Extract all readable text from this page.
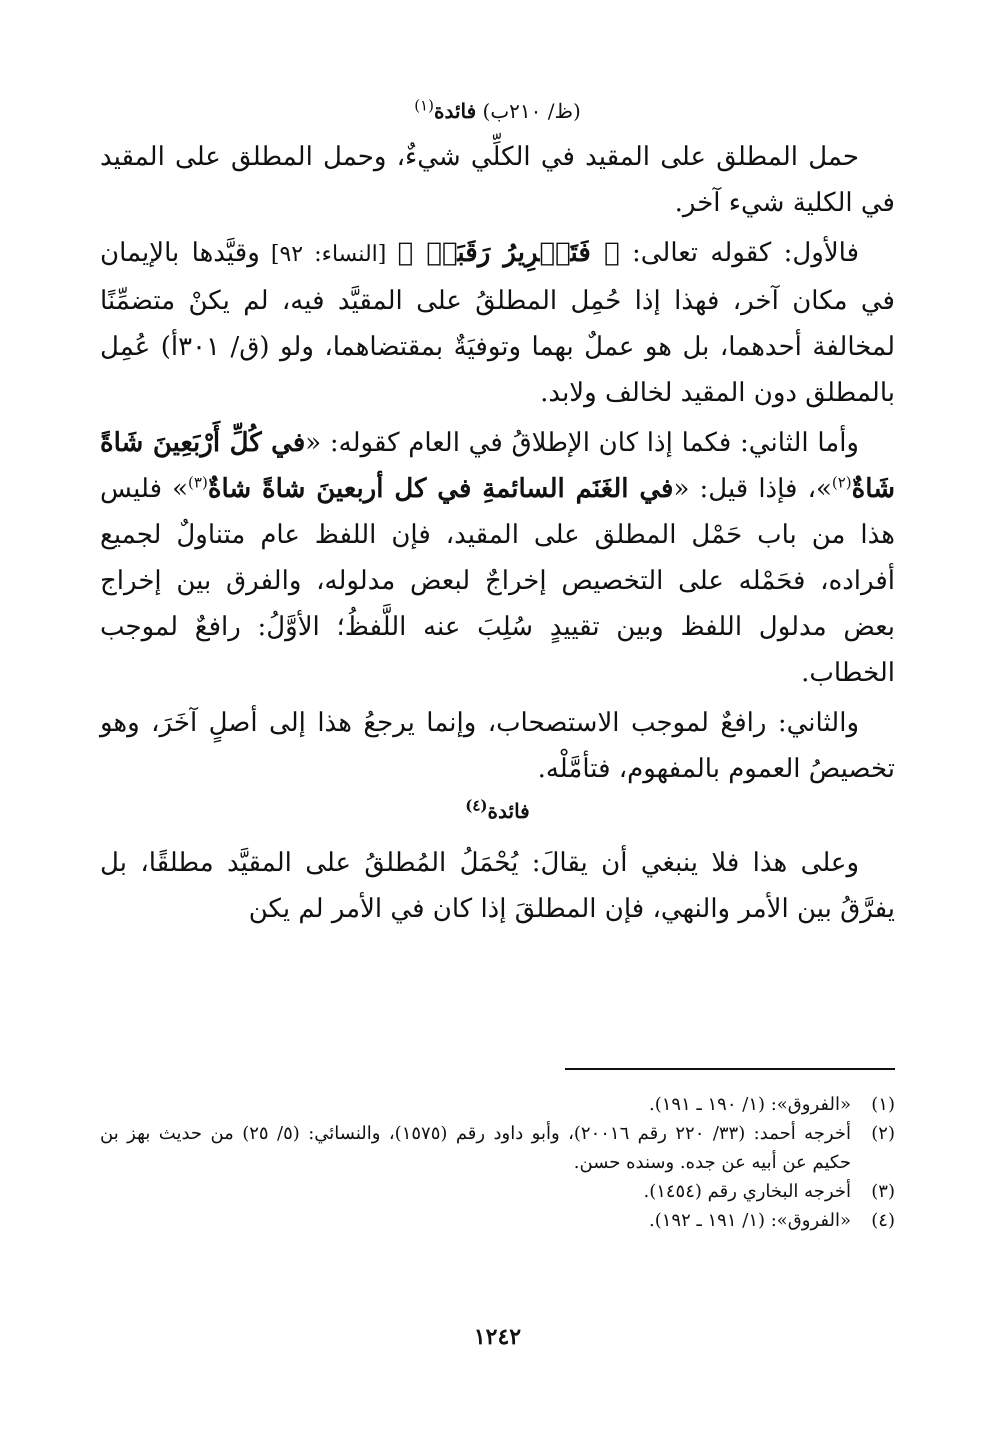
(ظ/ ٢١٠ب) فائدة$^{(١)}$

حمل المطلق على المقيد في الكلِّي شيءٌ، وحمل المطلق على المقيد في الكلية شيء آخر.

فالأول: كقوله تعالى: ﴿ فَتَحۡرِيرُ رَقَبَةٖ ﴾ [النساء: ٩٢] وقيَّدها بالإيمان في مكان آخر، فهذا إذا حُمِل المطلقُ على المقيَّد فيه، لم يكنْ متضمِّنًا لمخالفة أحدهما، بل هو عملٌ بهما وتوفيَةٌ بمقتضاهما، ولو (ق/ ٣٠١أ) عُمِل بالمطلق دون المقيد لخالف ولابد.

وأما الثاني: فكما إذا كان الإطلاقُ في العام كقوله: «في كُلِّ أَرْبَعِينَ شَاةً شَاةٌ$^{(٢)}$»، فإذا قيل: «في الغَنَم السائمةِ في كل أربعينَ شاةً شاةٌ$^{(٣)}$» فليس هذا من باب حَمْل المطلق على المقيد، فإن اللفظ عام متناولٌ لجميع أفراده، فحَمْله على التخصيص إخراجٌ لبعض مدلوله، والفرق بين إخراج بعض مدلول اللفظ وبين تقييدٍ سُلِبَ عنه اللَّفظُ؛ الأوَّلُ: رافعٌ لموجب الخطاب.

والثاني: رافعٌ لموجب الاستصحاب، وإنما يرجعُ هذا إلى أصلٍ آخَرَ، وهو تخصيصُ العموم بالمفهوم، فتأمَّلْه.

فائدة$^{(٤)}$

وعلى هذا فلا ينبغي أن يقالَ: يُحْمَلُ المُطلقُ على المقيَّد مطلقًا، بل يفرَّقُ بين الأمر والنهي، فإن المطلقَ إذا كان في الأمر لم يكن

(١)
«الفروق»: (١/ ١٩٠ ـ ١٩١).
(٢)
أخرجه أحمد: (٣٣/ ٢٢٠ رقم ٢٠٠١٦)، وأبو داود رقم (١٥٧٥)، والنسائي: (٥/ ٢٥) من حديث بهز بن حكيم عن أبيه عن جده. وسنده حسن.
(٣)
أخرجه البخاري رقم (١٤٥٤).
(٤)
«الفروق»: (١/ ١٩١ ـ ١٩٢).
١٢٤٢
